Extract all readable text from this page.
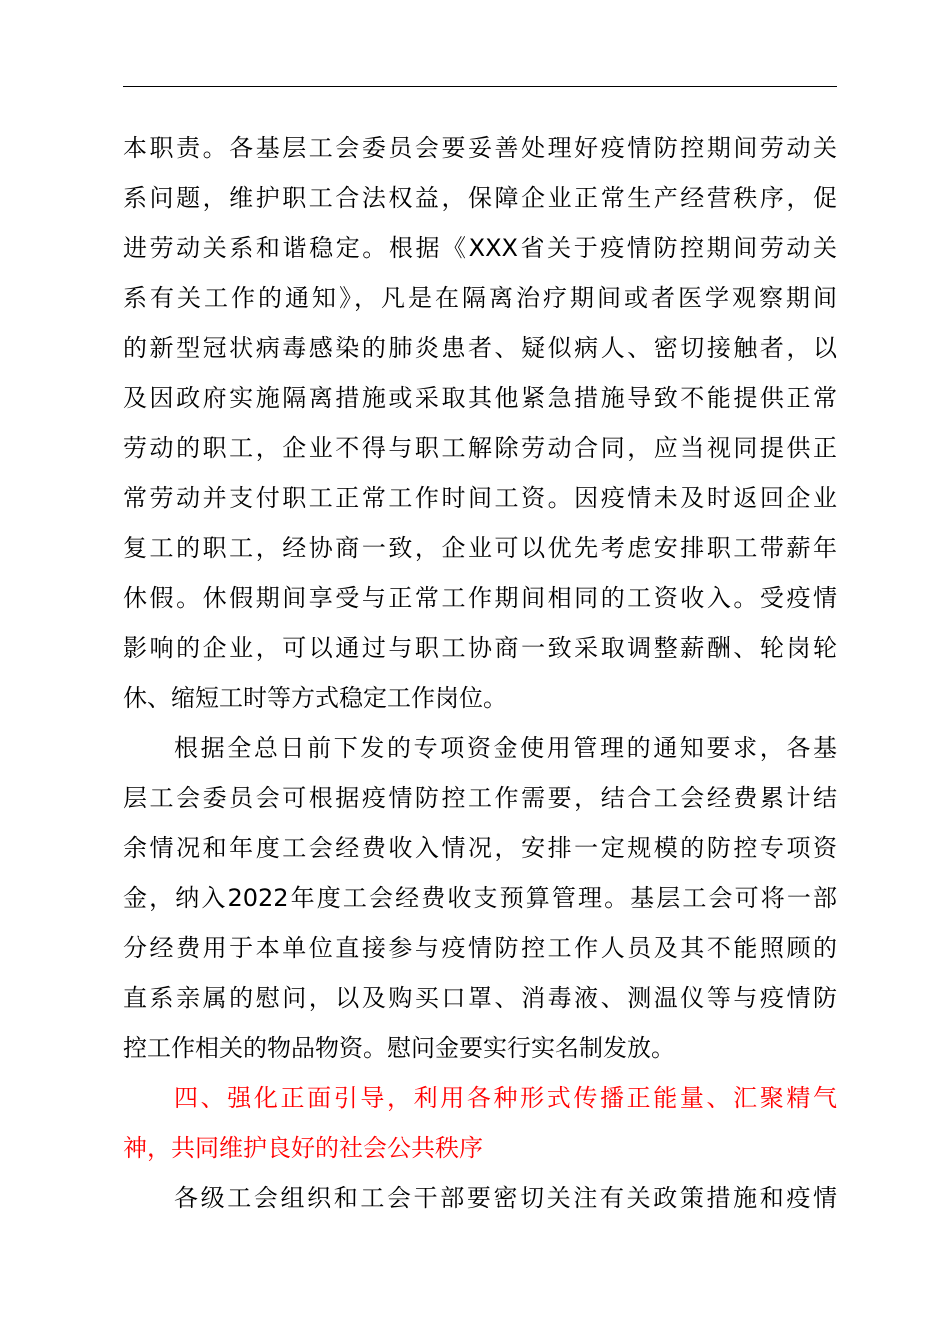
本职责。各基层工会委员会要妥善处理好疫情防控期间劳动关
系问题，维护职工合法权益，保障企业正常生产经营秩序，促
进劳动关系和谐稳定。根据《XXX省关于疫情防控期间劳动关
系有关工作的通知》，凡是在隔离治疗期间或者医学观察期间
的新型冠状病毒感染的肺炎患者、疑似病人、密切接触者，以
及因政府实施隔离措施或采取其他紧急措施导致不能提供正常
劳动的职工，企业不得与职工解除劳动合同，应当视同提供正
常劳动并支付职工正常工作时间工资。因疫情未及时返回企业
复工的职工，经协商一致，企业可以优先考虑安排职工带薪年
休假。休假期间享受与正常工作期间相同的工资收入。受疫情
影响的企业，可以通过与职工协商一致采取调整薪酬、轮岗轮
休、缩短工时等方式稳定工作岗位。
根据全总日前下发的专项资金使用管理的通知要求，各基
层工会委员会可根据疫情防控工作需要，结合工会经费累计结
余情况和年度工会经费收入情况，安排一定规模的防控专项资
金，纳入2022年度工会经费收支预算管理。基层工会可将一部
分经费用于本单位直接参与疫情防控工作人员及其不能照顾的
直系亲属的慰问，以及购买口罩、消毒液、测温仪等与疫情防
控工作相关的物品物资。慰问金要实行实名制发放。
四、强化正面引导，利用各种形式传播正能量、汇聚精气
神，共同维护良好的社会公共秩序
各级工会组织和工会干部要密切关注有关政策措施和疫情
